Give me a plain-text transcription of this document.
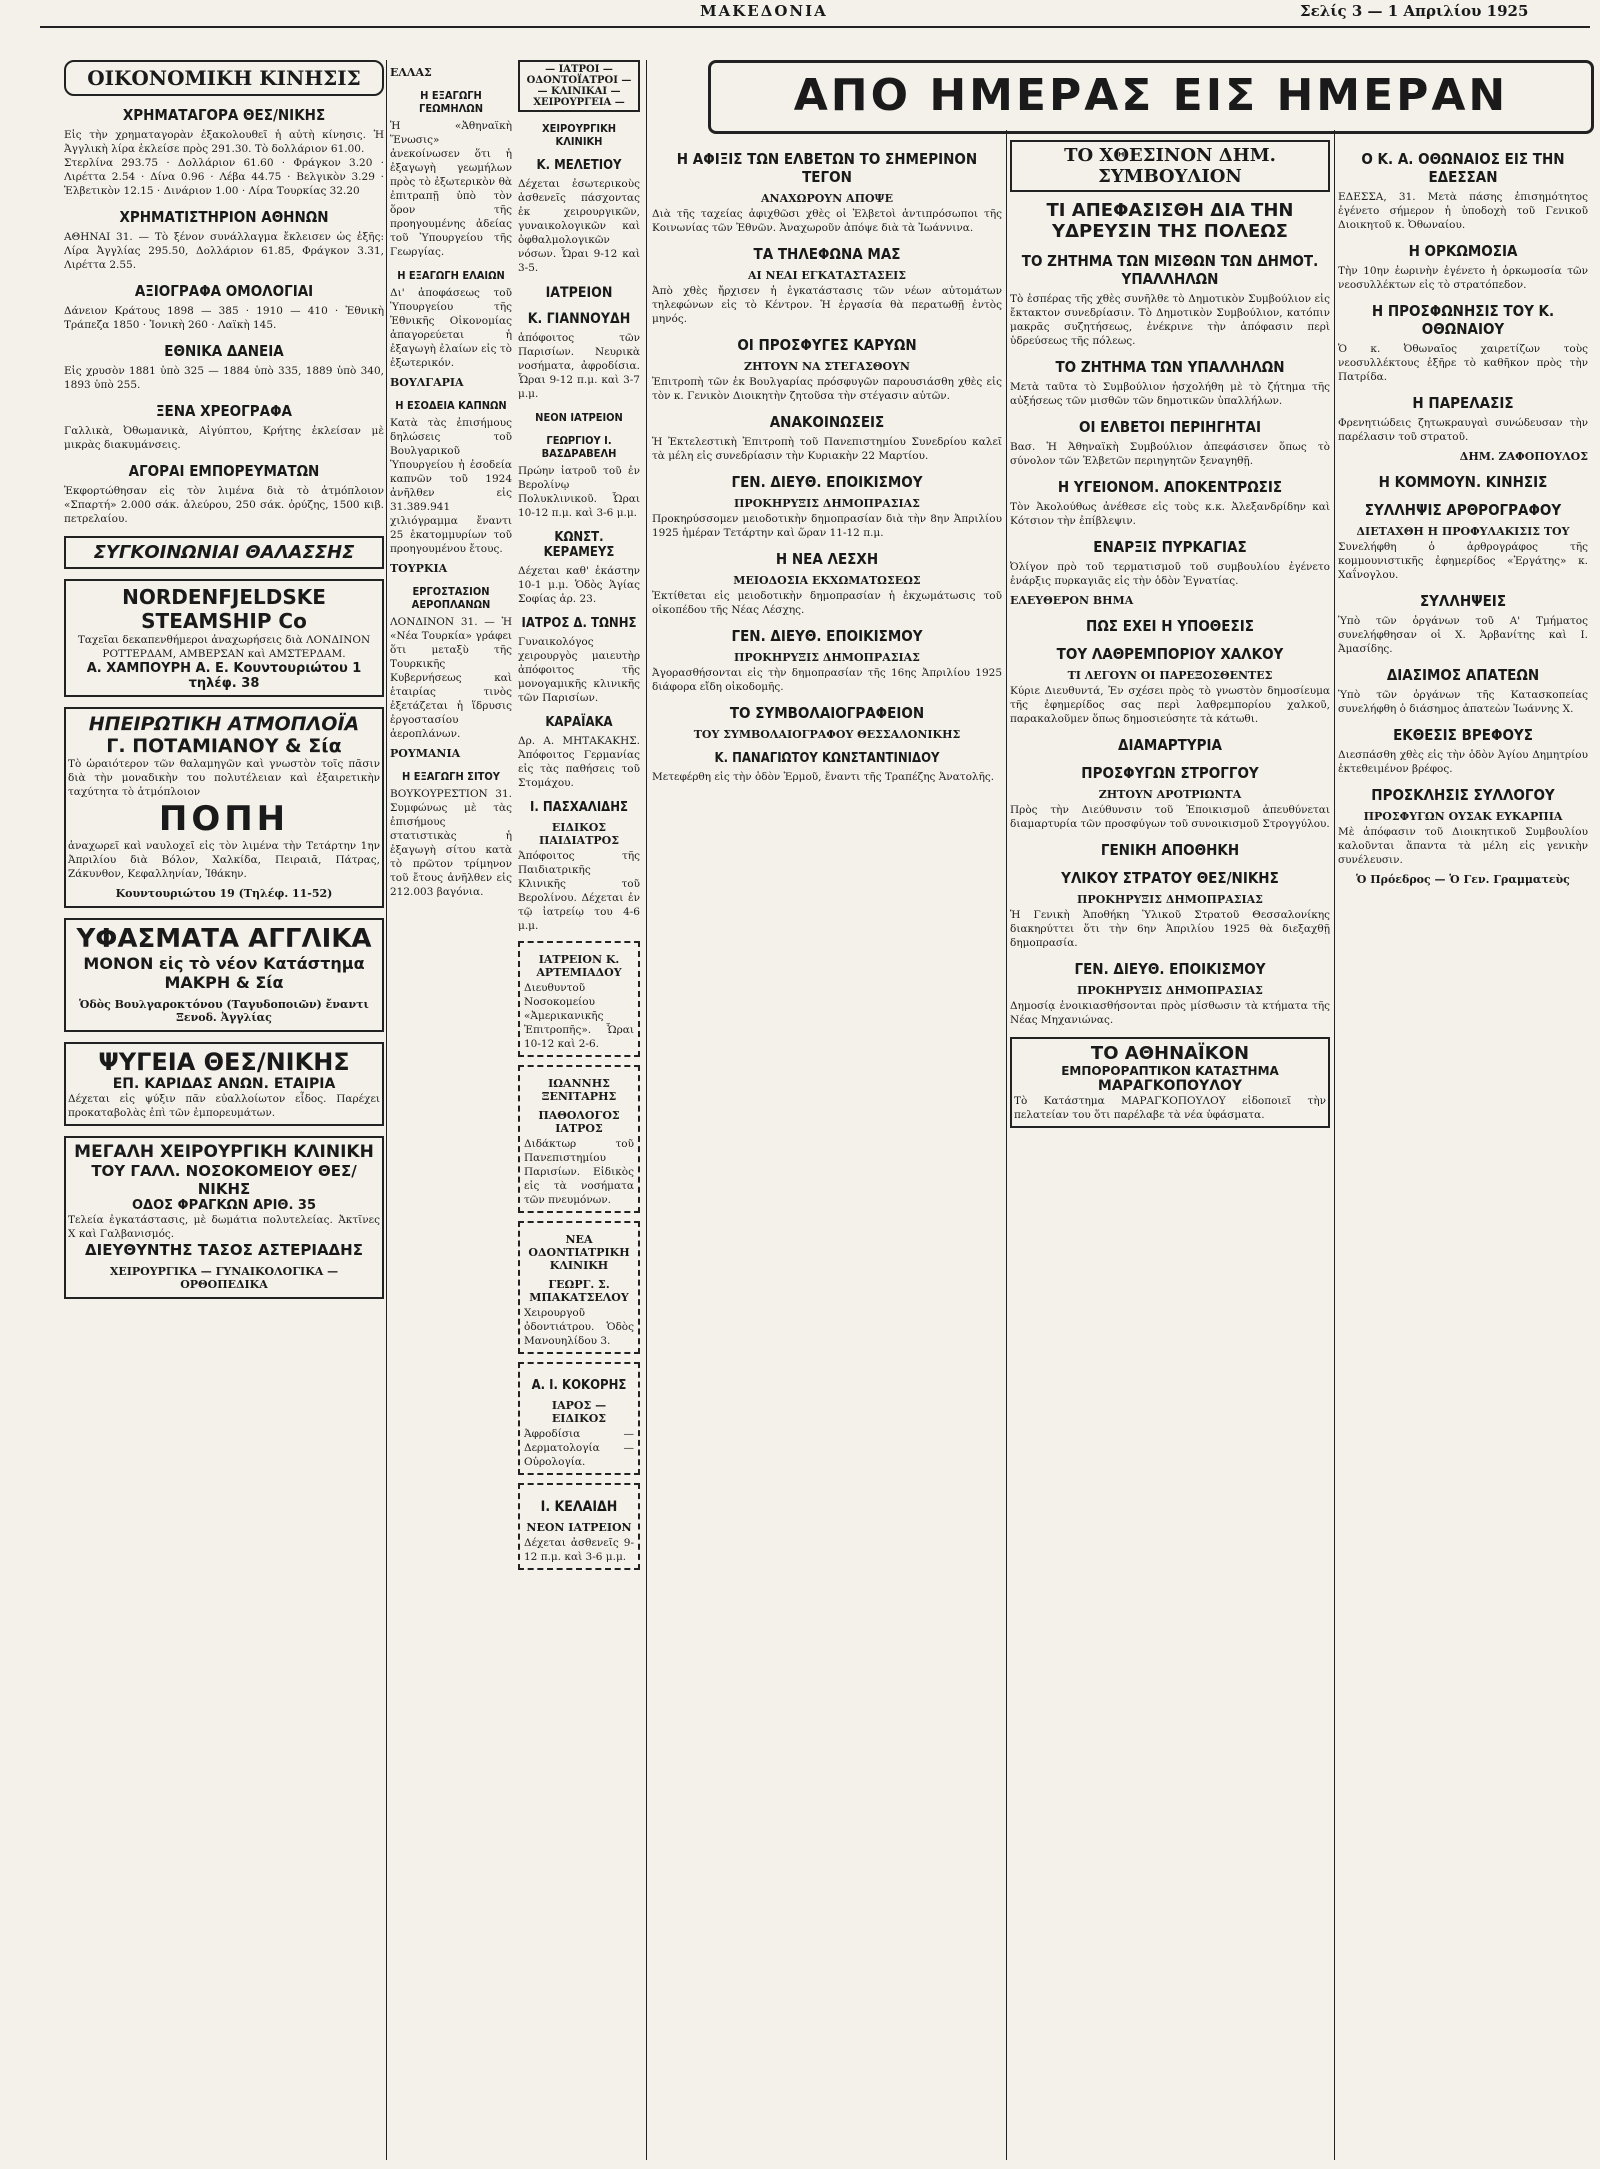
ΜΑΚΕΔΟΝΙΑ	Σελίς 3 — 1 Απριλίου 1925
ΑΠΟ ΗΜΕΡΑΣ ΕΙΣ ΗΜΕΡΑΝ
ΟΙΚΟΝΟΜΙΚΗ ΚΙΝΗΣΙΣ
ΧΡΗΜΑΤΑΓΟΡΑ ΘΕΣ/ΝΙΚΗΣ

Εἰς τὴν χρηματαγορὰν ἐξακολουθεῖ ἡ αὐτὴ κίνησις. Ἡ Ἀγγλικὴ λίρα ἐκλείσε πρὸς 291.30. Τὸ δολλάριον 61.00.

Στερλίνα 293.75 · Δολλάριον 61.60 · Φράγκον 3.20 · Λιρέττα 2.54 · Δίνα 0.96 · Λέβα 44.75 · Βελγικὸν 3.29 · Ἑλβετικὸν 12.15 · Δινάριον 1.00 · Λίρα Τουρκίας 32.20

ΧΡΗΜΑΤΙΣΤΗΡΙΟΝ ΑΘΗΝΩΝ

ΑΘΗΝΑΙ 31. — Τὸ ξένον συνάλλαγμα ἔκλεισεν ὡς ἑξῆς: Λίρα Ἀγγλίας 295.50, Δολλάριον 61.85, Φράγκον 3.31, Λιρέττα 2.55.

ΑΞΙΟΓΡΑΦΑ ΟΜΟΛΟΓΙΑΙ

Δάνειον Κράτους 1898 — 385 · 1910 — 410 · Ἐθνικὴ Τράπεζα 1850 · Ἰονικὴ 260 · Λαϊκὴ 145.

ΕΘΝΙΚΑ ΔΑΝΕΙΑ

Εἰς χρυσὸν 1881 ὑπὸ 325 — 1884 ὑπὸ 335, 1889 ὑπὸ 340, 1893 ὑπὸ 255.

ΞΕΝΑ ΧΡΕΟΓΡΑΦΑ

Γαλλικὰ, Ὀθωμανικὰ, Αἰγύπτου, Κρήτης ἐκλείσαν μὲ μικρὰς διακυμάνσεις.

ΑΓΟΡΑΙ ΕΜΠΟΡΕΥΜΑΤΩΝ

Ἐκφορτώθησαν εἰς τὸν λιμένα διὰ τὸ ἀτμόπλοιον «Σπαρτή» 2.000 σάκ. ἀλεύρου, 250 σάκ. ὀρύζης, 1500 κιβ. πετρελαίου.

ΣΥΓΚΟΙΝΩΝΙΑΙ ΘΑΛΑΣΣΗΣ
NORDENFJELDSKE STEAMSHIP Co

Ταχεῖαι δεκαπενθήμεροι ἀναχωρήσεις διὰ ΛΟΝΔΙΝΟΝ ΡΟΤΤΕΡΔΑΜ, ΑΜΒΕΡΣΑΝ καὶ ΑΜΣΤΕΡΔΑΜ.

Α. ΧΑΜΠΟΥΡΗ Α. Ε. Κουντουριώτου 1 τηλέφ. 38
ΗΠΕΙΡΩΤΙΚΗ ΑΤΜΟΠΛΟΪΑ
Γ. ΠΟΤΑΜΙΑΝΟΥ & Σία

Τὸ ὡραιότερον τῶν θαλαμηγῶν καὶ γνωστὸν τοῖς πᾶσιν διὰ τὴν μοναδικὴν του πολυτέλειαν καὶ ἐξαιρετικὴν ταχύτητα τὸ ἀτμόπλοιον

ΠΟΠΗ

ἀναχωρεῖ καὶ ναυλοχεῖ εἰς τὸν λιμένα τὴν Τετάρτην 1ην Ἀπριλίου διὰ Βόλον, Χαλκίδα, Πειραιᾶ, Πάτρας, Ζάκυνθον, Κεφαλληνίαν, Ἰθάκην.

Κουντουριώτου 19 (Τηλέφ. 11-52)
ΥΦΑΣΜΑΤΑ ΑΓΓΛΙΚΑ
ΜΟΝΟΝ εἰς τὸ νέον Κατάστημα ΜΑΚΡΗ & Σία
Ὁδὸς Βουλγαροκτόνου (Ταγυδοποιῶν) ἔναντι Ξενοδ. Ἀγγλίας
ΨΥΓΕΙΑ ΘΕΣ/ΝΙΚΗΣ
ΕΠ. ΚΑΡΙΔΑΣ ΑΝΩΝ. ΕΤΑΙΡΙΑ

Δέχεται εἰς ψύξιν πᾶν εὐαλλοίωτον εἶδος. Παρέχει προκαταβολὰς ἐπὶ τῶν ἐμπορευμάτων.

ΜΕΓΑΛΗ ΧΕΙΡΟΥΡΓΙΚΗ ΚΛΙΝΙΚΗ
ΤΟΥ ΓΑΛΛ. ΝΟΣΟΚΟΜΕΙΟΥ ΘΕΣ/ΝΙΚΗΣ
ΟΔΟΣ ΦΡΑΓΚΩΝ ΑΡΙΘ. 35

Τελεία ἐγκατάστασις, μὲ δωμάτια πολυτελείας. Ἀκτῖνες Χ καὶ Γαλβανισμός.

ΔΙΕΥΘΥΝΤΗΣ ΤΑΣΟΣ ΑΣΤΕΡΙΑΔΗΣ
ΧΕΙΡΟΥΡΓΙΚΑ — ΓΥΝΑΙΚΟΛΟΓΙΚΑ — ΟΡΘΟΠΕΔΙΚΑ
ΕΛΛΑΣ
Η ΕΞΑΓΩΓΗ ΓΕΩΜΗΛΩΝ

Ἡ «Ἀθηναϊκὴ Ἕνωσις» ἀνεκοίνωσεν ὅτι ἡ ἐξαγωγὴ γεωμήλων πρὸς τὸ ἐξωτερικὸν θὰ ἐπιτραπῇ ὑπὸ τὸν ὅρον τῆς προηγουμένης ἀδείας τοῦ Ὑπουργείου τῆς Γεωργίας.

Η ΕΞΑΓΩΓΗ ΕΛΑΙΩΝ

Δι' ἀποφάσεως τοῦ Ὑπουργείου τῆς Ἐθνικῆς Οἰκονομίας ἀπαγορεύεται ἡ ἐξαγωγὴ ἐλαίων εἰς τὸ ἐξωτερικόν.

ΒΟΥΛΓΑΡΙΑ
Η ΕΣΟΔΕΙΑ ΚΑΠΝΩΝ

Κατὰ τὰς ἐπισήμους δηλώσεις τοῦ Βουλγαρικοῦ Ὑπουργείου ἡ ἐσοδεία καπνῶν τοῦ 1924 ἀνῆλθεν εἰς 31.389.941 χιλιόγραμμα ἔναντι 25 ἑκατομμυρίων τοῦ προηγουμένου ἔτους.

ΤΟΥΡΚΙΑ
ΕΡΓΟΣΤΑΣΙΟΝ ΑΕΡΟΠΛΑΝΩΝ

ΛΟΝΔΙΝΟΝ 31. — Ἡ «Νέα Τουρκία» γράφει ὅτι μεταξὺ τῆς Τουρκικῆς Κυβερνήσεως καὶ ἑταιρίας τινὸς ἐξετάζεται ἡ ἵδρυσις ἐργοστασίου ἀεροπλάνων.

ΡΟΥΜΑΝΙΑ
Η ΕΞΑΓΩΓΗ ΣΙΤΟΥ

ΒΟΥΚΟΥΡΕΣΤΙΟΝ 31. Συμφώνως μὲ τὰς ἐπισήμους στατιστικὰς ἡ ἐξαγωγὴ σίτου κατὰ τὸ πρῶτον τρίμηνον τοῦ ἔτους ἀνῆλθεν εἰς 212.003 βαγόνια.

— ΙΑΤΡΟΙ — ΟΔΟΝΤΟΪΑΤΡΟΙ — — ΚΛΙΝΙΚΑΙ — ΧΕΙΡΟΥΡΓΕΙΑ —
ΧΕΙΡΟΥΡΓΙΚΗ ΚΛΙΝΙΚΗ
Κ. ΜΕΛΕΤΙΟΥ

Δέχεται ἐσωτερικοὺς ἀσθενεῖς πάσχοντας ἐκ χειρουργικῶν, γυναικολογικῶν καὶ ὀφθαλμολογικῶν νόσων. Ὧραι 9-12 καὶ 3-5.

ΙΑΤΡΕΙΟΝ
Κ. ΓΙΑΝΝΟΥΔΗ

ἀπόφοιτος τῶν Παρισίων. Νευρικὰ νοσήματα, ἀφροδίσια. Ὧραι 9-12 π.μ. καὶ 3-7 μ.μ.

ΝΕΟΝ ΙΑΤΡΕΙΟΝ
ΓΕΩΡΓΙΟΥ Ι. ΒΑΣΔΡΑΒΕΛΗ

Πρώην ἰατροῦ τοῦ ἐν Βερολίνῳ Πολυκλινικοῦ. Ὧραι 10-12 π.μ. καὶ 3-6 μ.μ.

ΚΩΝΣΤ. ΚΕΡΑΜΕΥΣ

Δέχεται καθ' ἑκάστην 10-1 μ.μ. Ὁδὸς Ἁγίας Σοφίας ἀρ. 23.

ΙΑΤΡΟΣ Δ. ΤΩΝΗΣ

Γυναικολόγος χειρουργὸς μαιευτὴρ ἀπόφοιτος τῆς μονογαμικῆς κλινικῆς τῶν Παρισίων.

ΚΑΡΑΪΑΚΑ

Δρ. Α. ΜΗΤΑΚΑΚΗΣ. Ἀπόφοιτος Γερμανίας εἰς τὰς παθήσεις τοῦ Στομάχου.

Ι. ΠΑΣΧΑΛΙΔΗΣ
ΕΙΔΙΚΟΣ ΠΑΙΔΙΑΤΡΟΣ

Ἀπόφοιτος τῆς Παιδιατρικῆς Κλινικῆς τοῦ Βερολίνου. Δέχεται ἐν τῷ ἰατρείῳ του 4-6 μ.μ.

ΙΑΤΡΕΙΟΝ Κ. ΑΡΤΕΜΙΑΔΟΥ

Διευθυντοῦ Νοσοκομείου «Ἀμερικανικῆς Ἐπιτροπῆς». Ὧραι 10-12 καὶ 2-6.

ΙΩΑΝΝΗΣ ΞΕΝΙΤΑΡΗΣ
ΠΑΘΟΛΟΓΟΣ ΙΑΤΡΟΣ

Διδάκτωρ τοῦ Πανεπιστημίου Παρισίων. Εἰδικὸς εἰς τὰ νοσήματα τῶν πνευμόνων.

ΝΕΑ ΟΔΟΝΤΙΑΤΡΙΚΗ ΚΛΙΝΙΚΗ
ΓΕΩΡΓ. Σ. ΜΠΑΚΑΤΣΕΛΟΥ

Χειρουργοῦ ὀδοντιάτρου. Ὁδὸς Μανουηλίδου 3.

Α. Ι. ΚΟΚΟΡΗΣ
ΙΑΡΟΣ — ΕΙΔΙΚΟΣ

Ἀφροδίσια — Δερματολογία — Οὐρολογία.

Ι. ΚΕΛΑΙΔΗ
ΝΕΟΝ ΙΑΤΡΕΙΟΝ

Δέχεται ἀσθενεῖς 9-12 π.μ. καὶ 3-6 μ.μ.

Η ΑΦΙΞΙΣ ΤΩΝ ΕΛΒΕΤΩΝ ΤΟ ΣΗΜΕΡΙΝΟΝ ΤΕΓΟΝ
ΑΝΑΧΩΡΟΥΝ ΑΠΟΨΕ

Διὰ τῆς ταχείας ἀφιχθῶσι χθὲς οἱ Ἐλβετοὶ ἀντιπρόσωποι τῆς Κοινωνίας τῶν Ἐθνῶν. Ἀναχωροῦν ἀπόψε διὰ τὰ Ἰωάννινα.

ΤΑ ΤΗΛΕΦΩΝΑ ΜΑΣ
ΑΙ ΝΕΑΙ ΕΓΚΑΤΑΣΤΑΣΕΙΣ

Ἀπὸ χθὲς ἤρχισεν ἡ ἐγκατάστασις τῶν νέων αὐτομάτων τηλεφώνων εἰς τὸ Κέντρον. Ἡ ἐργασία θὰ περατωθῇ ἐντὸς μηνός.

ΟΙ ΠΡΟΣΦΥΓΕΣ ΚΑΡΥΩΝ
ΖΗΤΟΥΝ ΝΑ ΣΤΕΓΑΣΘΟΥΝ

Ἐπιτροπὴ τῶν ἐκ Βουλγαρίας πρόσφυγῶν παρουσιάσθη χθὲς εἰς τὸν κ. Γενικὸν Διοικητὴν ζητοῦσα τὴν στέγασιν αὐτῶν.

ΑΝΑΚΟΙΝΩΣΕΙΣ

Ἡ Ἐκτελεστικὴ Ἐπιτροπὴ τοῦ Πανεπιστημίου Συνεδρίου καλεῖ τὰ μέλη εἰς συνεδρίασιν τὴν Κυριακὴν 22 Μαρτίου.

ΓΕΝ. ΔΙΕΥΘ. ΕΠΟΙΚΙΣΜΟΥ
ΠΡΟΚΗΡΥΞΙΣ ΔΗΜΟΠΡΑΣΙΑΣ

Προκηρύσσομεν μειοδοτικὴν δημοπρασίαν διὰ τὴν 8ην Ἀπριλίου 1925 ἡμέραν Τετάρτην καὶ ὥραν 11-12 π.μ.

Η ΝΕΑ ΛΕΣΧΗ
ΜΕΙΟΔΟΣΙΑ ΕΚΧΩΜΑΤΩΣΕΩΣ

Ἐκτίθεται εἰς μειοδοτικὴν δημοπρασίαν ἡ ἐκχωμάτωσις τοῦ οἰκοπέδου τῆς Νέας Λέσχης.

ΓΕΝ. ΔΙΕΥΘ. ΕΠΟΙΚΙΣΜΟΥ
ΠΡΟΚΗΡΥΞΙΣ ΔΗΜΟΠΡΑΣΙΑΣ

Ἀγορασθήσονται εἰς τὴν δημοπρασίαν τῆς 16ης Ἀπριλίου 1925 διάφορα εἴδη οἰκοδομῆς.

ΤΟ ΣΥΜΒΟΛΑΙΟΓΡΑΦΕΙΟΝ
ΤΟΥ ΣΥΜΒΟΛΑΙΟΓΡΑΦΟΥ ΘΕΣΣΑΛΟΝΙΚΗΣ
Κ. ΠΑΝΑΓΙΩΤΟΥ ΚΩΝΣΤΑΝΤΙΝΙΔΟΥ

Μετεφέρθη εἰς τὴν ὁδὸν Ἑρμοῦ, ἔναντι τῆς Τραπέζης Ἀνατολῆς.

ΤΟ ΧΘΕΣΙΝΟΝ ΔΗΜ. ΣΥΜΒΟΥΛΙΟΝ
ΤΙ ΑΠΕΦΑΣΙΣΘΗ ΔΙΑ ΤΗΝ ΥΔΡΕΥΣΙΝ ΤΗΣ ΠΟΛΕΩΣ
ΤΟ ΖΗΤΗΜΑ ΤΩΝ ΜΙΣΘΩΝ ΤΩΝ ΔΗΜΟΤ. ΥΠΑΛΛΗΛΩΝ

Τὸ ἑσπέρας τῆς χθὲς συνῆλθε τὸ Δημοτικὸν Συμβούλιον εἰς ἔκτακτον συνεδρίασιν. Τὸ Δημοτικὸν Συμβούλιον, κατόπιν μακρᾶς συζητήσεως, ἐνέκρινε τὴν ἀπόφασιν περὶ ὑδρεύσεως τῆς πόλεως.

ΤΟ ΖΗΤΗΜΑ ΤΩΝ ΥΠΑΛΛΗΛΩΝ

Μετὰ ταῦτα τὸ Συμβούλιον ἠσχολήθη μὲ τὸ ζήτημα τῆς αὐξήσεως τῶν μισθῶν τῶν δημοτικῶν ὑπαλλήλων.

ΟΙ ΕΛΒΕΤΟΙ ΠΕΡΙΗΓΗΤΑΙ

Βασ. Ἡ Ἀθηναϊκὴ Συμβούλιον ἀπεφάσισεν ὅπως τὸ σύνολον τῶν Ἐλβετῶν περιηγητῶν ξεναγηθῇ.

Η ΥΓΕΙΟΝΟΜ. ΑΠΟΚΕΝΤΡΩΣΙΣ

Τὸν Ἀκολούθως ἀνέθεσε εἰς τοὺς κ.κ. Ἀλεξανδρίδην καὶ Κότσιον τὴν ἐπίβλεψιν.

ΕΝΑΡΞΙΣ ΠΥΡΚΑΓΙΑΣ

Ὀλίγον πρὸ τοῦ τερματισμοῦ τοῦ συμβουλίου ἐγένετο ἐνάρξις πυρκαγιᾶς εἰς τὴν ὁδὸν Ἐγνατίας.

ΕΛΕΥΘΕΡΟΝ ΒΗΜΑ
ΠΩΣ ΕΧΕΙ Η ΥΠΟΘΕΣΙΣ
ΤΟΥ ΛΑΘΡΕΜΠΟΡΙΟΥ ΧΑΛΚΟΥ
ΤΙ ΛΕΓΟΥΝ ΟΙ ΠΑΡΕΞΟΣΘΕΝΤΕΣ

Κύριε Διευθυντά, Ἐν σχέσει πρὸς τὸ γνωστὸν δημοσίευμα τῆς ἐφημερίδος σας περὶ λαθρεμπορίου χαλκοῦ, παρακαλοῦμεν ὅπως δημοσιεύσητε τὰ κάτωθι.

ΔΙΑΜΑΡΤΥΡΙΑ
ΠΡΟΣΦΥΓΩΝ ΣΤΡΟΓΓΟΥ
ΖΗΤΟΥΝ ΑΡΟΤΡΙΩΝΤΑ

Πρὸς τὴν Διεύθυνσιν τοῦ Ἐποικισμοῦ ἀπευθύνεται διαμαρτυρία τῶν προσφύγων τοῦ συνοικισμοῦ Στρογγύλου.

ΓΕΝΙΚΗ ΑΠΟΘΗΚΗ
ΥΛΙΚΟΥ ΣΤΡΑΤΟΥ ΘΕΣ/ΝΙΚΗΣ
ΠΡΟΚΗΡΥΞΙΣ ΔΗΜΟΠΡΑΣΙΑΣ

Ἡ Γενικὴ Ἀποθήκη Ὑλικοῦ Στρατοῦ Θεσσαλονίκης διακηρύττει ὅτι τὴν 6ην Ἀπριλίου 1925 θὰ διεξαχθῇ δημοπρασία.

ΓΕΝ. ΔΙΕΥΘ. ΕΠΟΙΚΙΣΜΟΥ
ΠΡΟΚΗΡΥΞΙΣ ΔΗΜΟΠΡΑΣΙΑΣ

Δημοσίᾳ ἐνοικιασθήσονται πρὸς μίσθωσιν τὰ κτήματα τῆς Νέας Μηχανιώνας.

ΤΟ ΑΘΗΝΑΪΚΟΝ
ΕΜΠΟΡΟΡΑΠΤΙΚΟΝ ΚΑΤΑΣΤΗΜΑ
ΜΑΡΑΓΚΟΠΟΥΛΟΥ

Τὸ Κατάστημα ΜΑΡΑΓΚΟΠΟΥΛΟΥ εἰδοποιεῖ τὴν πελατείαν του ὅτι παρέλαβε τὰ νέα ὑφάσματα.

Ο Κ. Α. ΟΘΩΝΑΙΟΣ ΕΙΣ ΤΗΝ ΕΔΕΣΣΑΝ

ΕΔΕΣΣΑ, 31. Μετὰ πάσης ἐπισημότητος ἐγένετο σήμερον ἡ ὑποδοχὴ τοῦ Γενικοῦ Διοικητοῦ κ. Ὀθωναίου.

Η ΟΡΚΩΜΟΣΙΑ

Τὴν 10ην ἑωρινὴν ἐγένετο ἡ ὁρκωμοσία τῶν νεοσυλλέκτων εἰς τὸ στρατόπεδον.

Η ΠΡΟΣΦΩΝΗΣΙΣ ΤΟΥ Κ. ΟΘΩΝΑΙΟΥ

Ὁ κ. Ὀθωναῖος χαιρετίζων τοὺς νεοσυλλέκτους ἐξῆρε τὸ καθῆκον πρὸς τὴν Πατρίδα.

Η ΠΑΡΕΛΑΣΙΣ

Φρενητιώδεις ζητωκραυγαὶ συνώδευσαν τὴν παρέλασιν τοῦ στρατοῦ.

ΔΗΜ. ΖΑΦΟΠΟΥΛΟΣ
Η ΚΟΜΜΟΥΝ. ΚΙΝΗΣΙΣ
ΣΥΛΛΗΨΙΣ ΑΡΘΡΟΓΡΑΦΟΥ
ΔΙΕΤΑΧΘΗ Η ΠΡΟΦΥΛΑΚΙΣΙΣ ΤΟΥ

Συνελήφθη ὁ ἀρθρογράφος τῆς κομμουνιστικῆς ἐφημερίδος «Ἐργάτης» κ. Χαΐνογλου.

ΣΥΛΛΗΨΕΙΣ

Ὑπὸ τῶν ὀργάνων τοῦ Α' Τμήματος συνελήφθησαν οἱ Χ. Ἀρβανίτης καὶ Ι. Ἀμασίδης.

ΔΙΑΣΙΜΟΣ ΑΠΑΤΕΩΝ

Ὑπὸ τῶν ὀργάνων τῆς Κατασκοπείας συνελήφθη ὁ διάσημος ἀπατεὼν Ἰωάννης Χ.

ΕΚΘΕΣΙΣ ΒΡΕΦΟΥΣ

Διεσπάσθη χθὲς εἰς τὴν ὁδὸν Ἀγίου Δημητρίου ἐκτεθειμένον βρέφος.

ΠΡΟΣΚΛΗΣΙΣ ΣΥΛΛΟΓΟΥ
ΠΡΟΣΦΥΓΩΝ ΟΥΣΑΚ ΕΥΚΑΡΠΙΑ

Μὲ ἀπόφασιν τοῦ Διοικητικοῦ Συμβουλίου καλοῦνται ἅπαντα τὰ μέλη εἰς γενικὴν συνέλευσιν.

Ὁ Πρόεδρος — Ὁ Γεν. Γραμματεὺς
